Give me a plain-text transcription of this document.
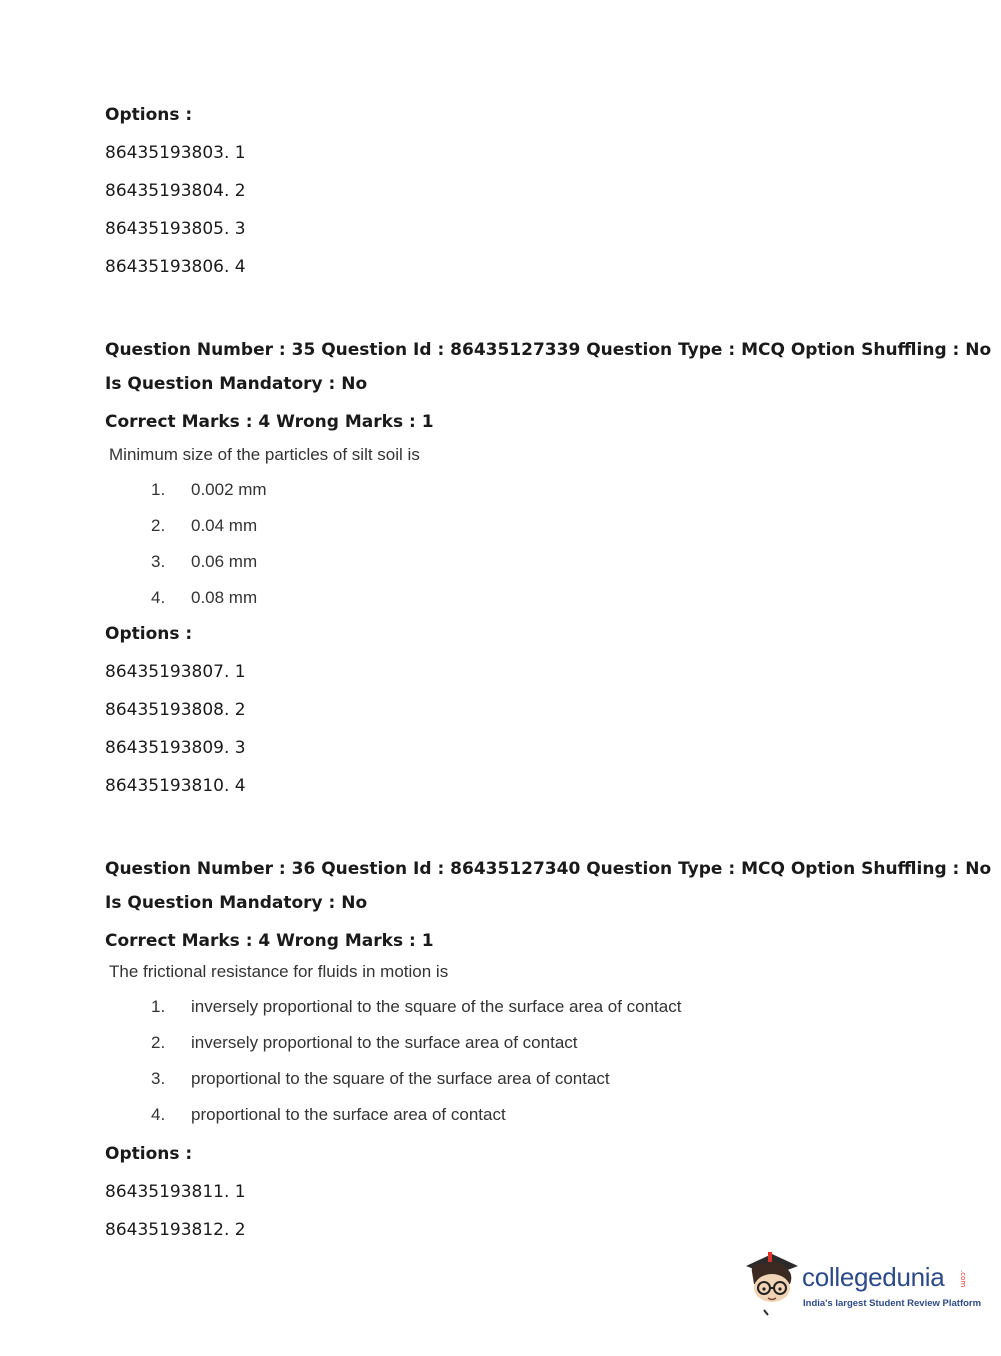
Options :
86435193803. 1
86435193804. 2
86435193805. 3
86435193806. 4
Question Number : 35 Question Id : 86435127339 Question Type : MCQ Option Shuffling : No
Is Question Mandatory : No
Correct Marks : 4 Wrong Marks : 1
Minimum size of the particles of silt soil is
1. 0.002 mm
2. 0.04 mm
3. 0.06 mm
4. 0.08 mm
Options :
86435193807. 1
86435193808. 2
86435193809. 3
86435193810. 4
Question Number : 36 Question Id : 86435127340 Question Type : MCQ Option Shuffling : No
Is Question Mandatory : No
Correct Marks : 4 Wrong Marks : 1
The frictional resistance for fluids in motion is
1. inversely proportional to the square of the surface area of contact
2. inversely proportional to the surface area of contact
3. proportional to the square of the surface area of contact
4. proportional to the surface area of contact
Options :
86435193811. 1
86435193812. 2
collegedunia .com
India's largest Student Review Platform
